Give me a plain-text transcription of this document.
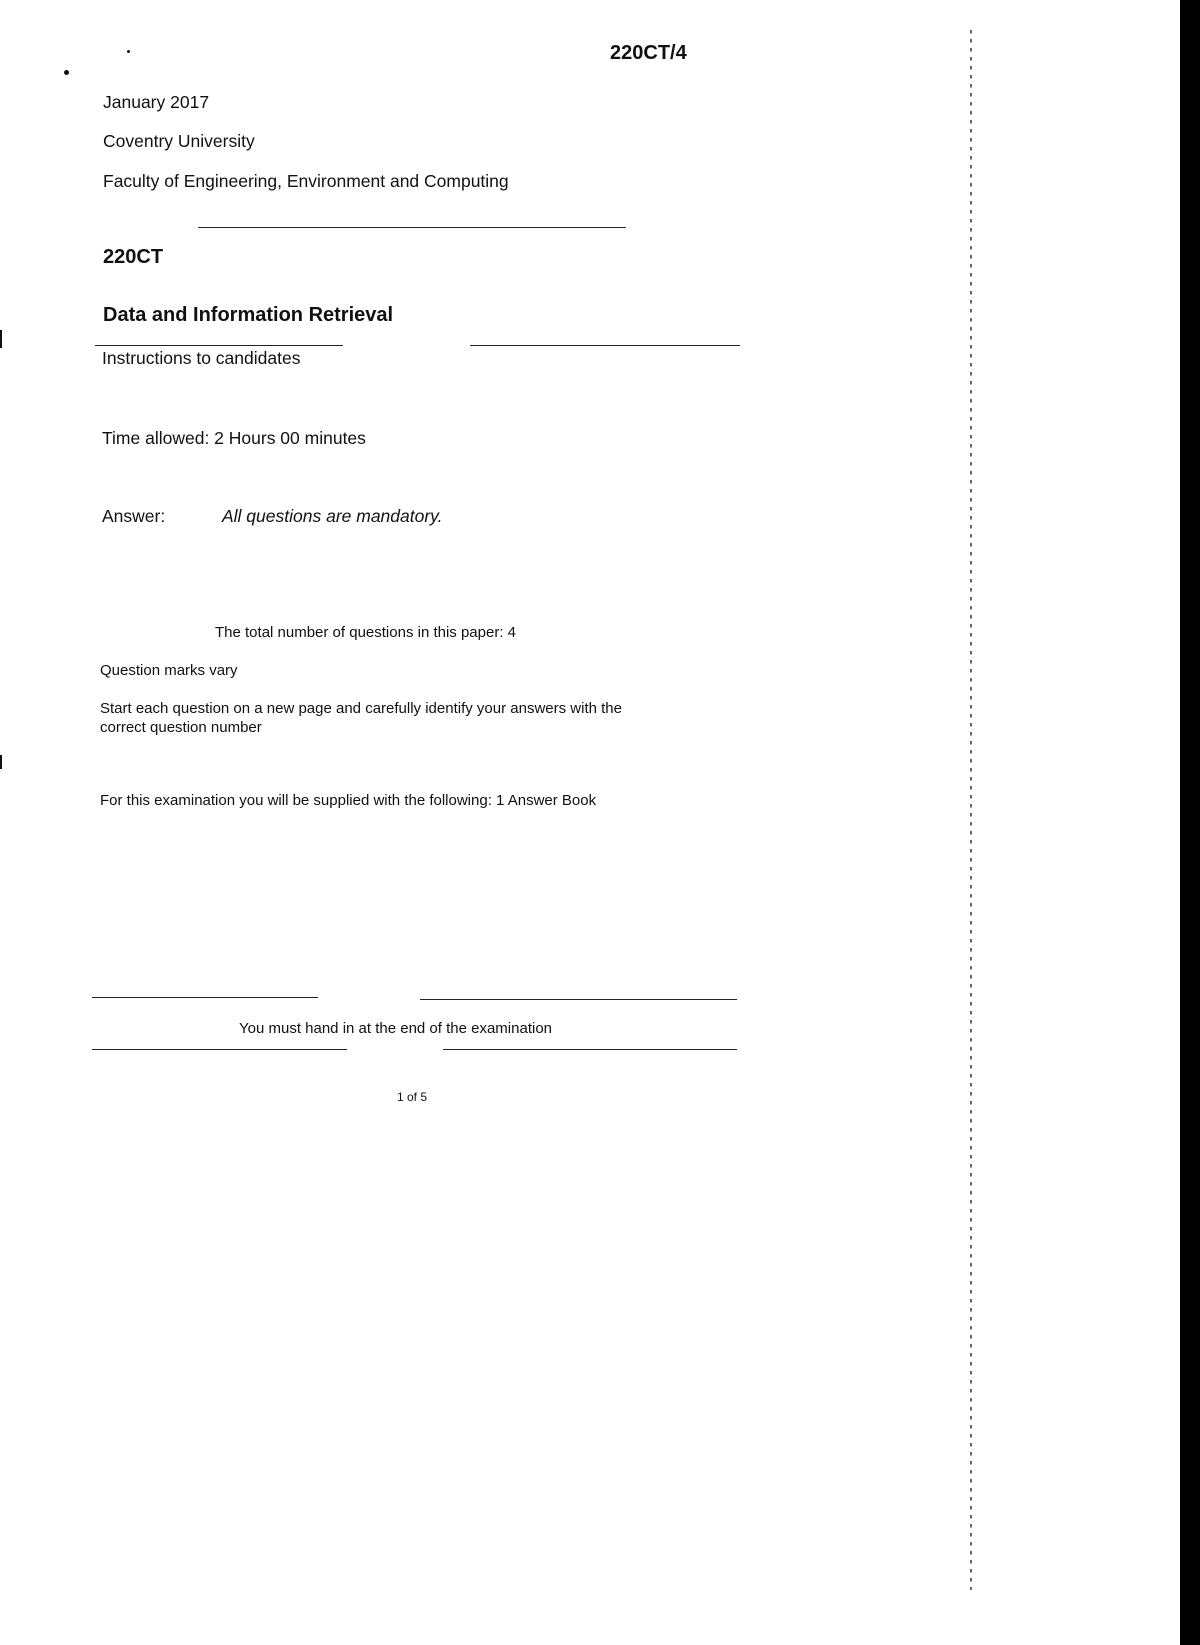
220CT/4
January 2017
Coventry University
Faculty of Engineering, Environment and Computing
220CT
Data and Information Retrieval
Instructions to candidates
Time allowed: 2 Hours 00 minutes
Answer:	All questions are mandatory.
The total number of questions in this paper: 4
Question marks vary
Start each question on a new page and carefully identify your answers with the
correct question number
For this examination you will be supplied with the following: 1 Answer Book
You must hand in at the end of the examination
1 of 5
